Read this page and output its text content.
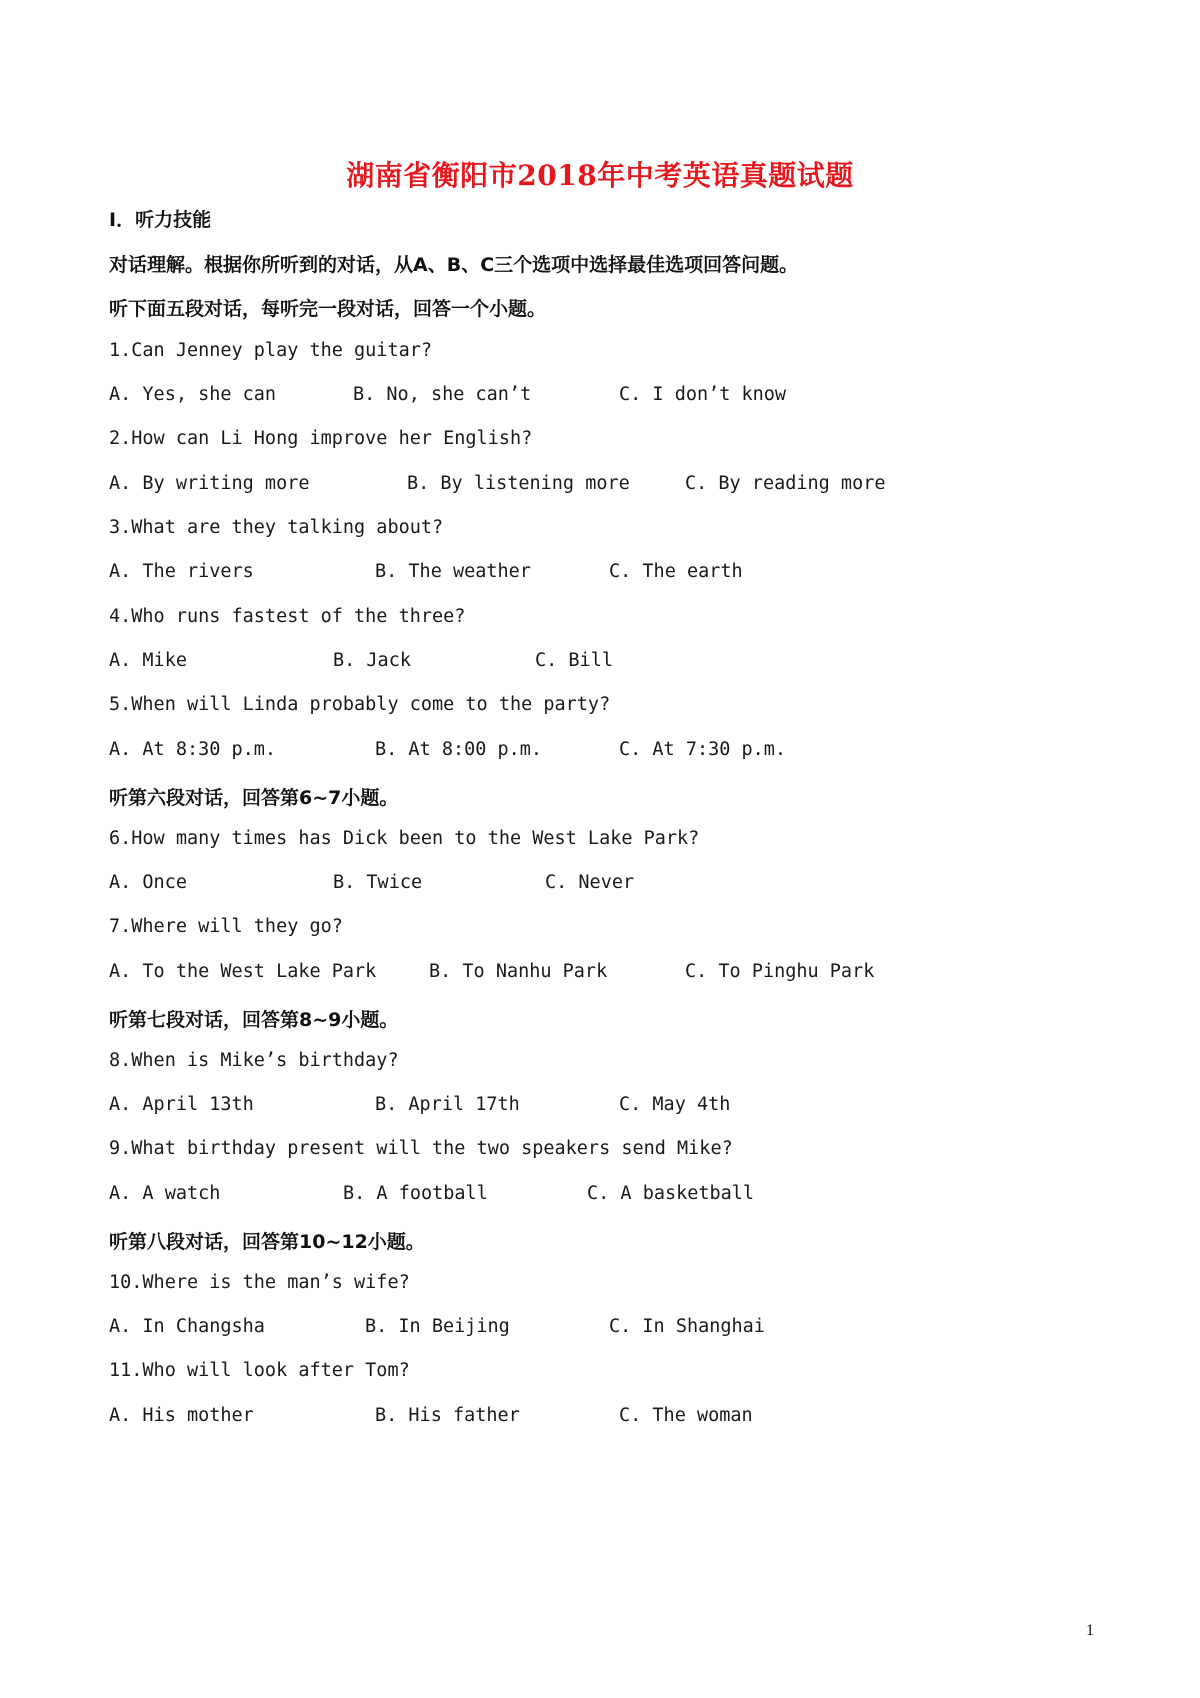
湖南省衡阳市2018年中考英语真题试题
Ⅰ．听力技能
对话理解。根据你所听到的对话，从A、B、C三个选项中选择最佳选项回答问题。
听下面五段对话，每听完一段对话，回答一个小题。
1.Can Jenney play the guitar?
A. Yes, she can	B. No, she can’t	C. I don’t know
2.How can Li Hong improve her English?
A. By writing more	B. By listening more	C. By reading more
3.What are they talking about?
A. The rivers	B. The weather	C. The earth
4.Who runs fastest of the three?
A. Mike	B. Jack	C. Bill
5.When will Linda probably come to the party?
A. At 8:30 p.m.	B. At 8:00 p.m.	C. At 7:30 p.m.
听第六段对话，回答第6~7小题。
6.How many times has Dick been to the West Lake Park?
A. Once	B. Twice	C. Never
7.Where will they go?
A. To the West Lake Park	B. To Nanhu Park	C. To Pinghu Park
听第七段对话，回答第8~9小题。
8.When is Mike’s birthday?
A. April 13th	B. April 17th	C. May 4th
9.What birthday present will the two speakers send Mike?
A. A watch	B. A football	C. A basketball
听第八段对话，回答第10~12小题。
10.Where is the man’s wife?
A. In Changsha	B. In Beijing	C. In Shanghai
11.Who will look after Tom?
A. His mother	B. His father	C. The woman
1
